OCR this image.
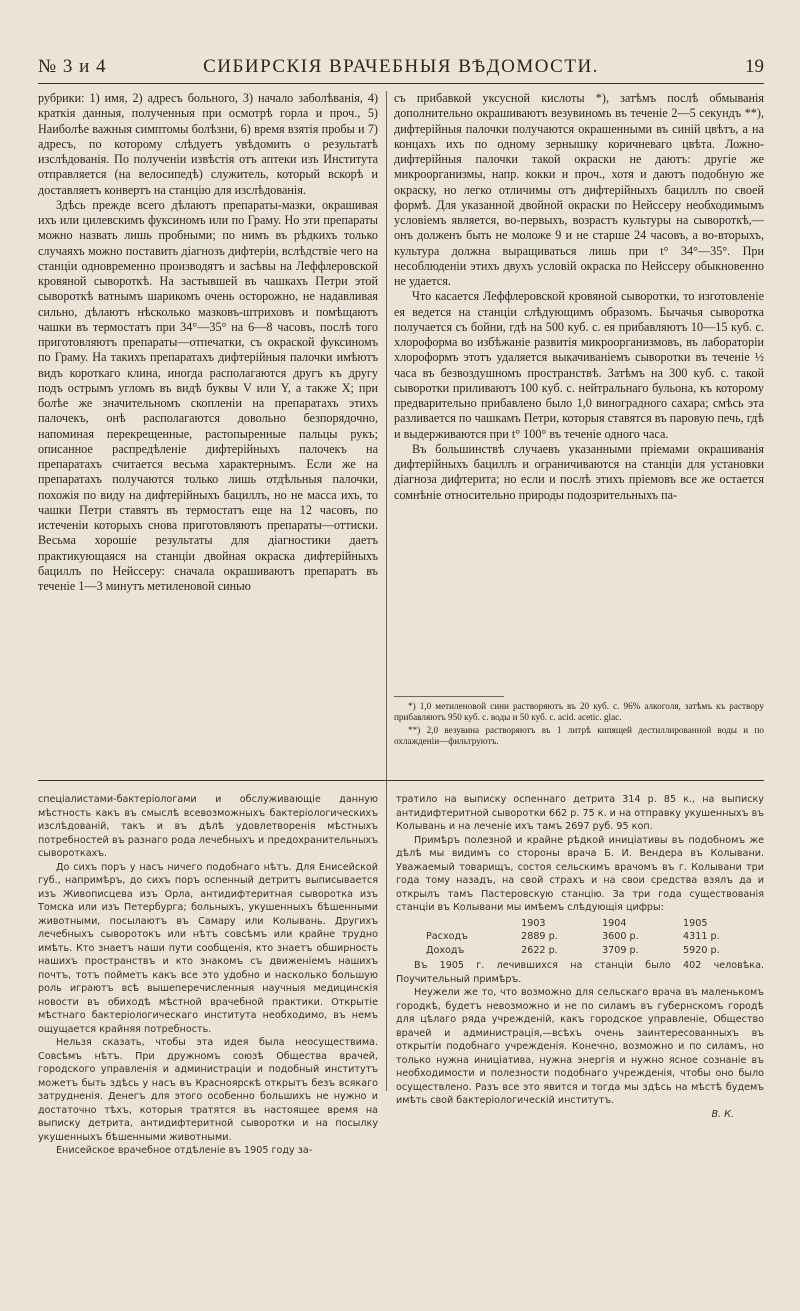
№ 3 и 4	СИБИРСКІЯ ВРАЧЕБНЫЯ ВѢДОМОСТИ.	19

рубрики: 1) имя, 2) адресъ больного, 3) начало заболѣванія, 4) краткія данныя, полученныя при осмотрѣ горла и проч., 5) Наиболѣе важныя симптомы болѣзни, 6) время взятія пробы и 7) адресъ, по которому слѣдуетъ увѣдомить о результатѣ изслѣдованія. По полученіи извѣстія отъ аптеки изъ Института отправляется (на велосипедѣ) служитель, который вскорѣ и доставляетъ конвертъ на станцію для изслѣдованія.

Здѣсь прежде всего дѣлаютъ препараты-мазки, окрашивая ихъ или цилевскимъ фуксиномъ или по Граму. Но эти препараты можно назвать лишь пробными; по нимъ въ рѣдкихъ только случаяхъ можно поставить діагнозъ дифтеріи, вслѣдствіе чего на станціи одновременно производятъ и засѣвы на Леффлеровской кровяной сывороткѣ. На застывшей въ чашкахъ Петри этой сывороткѣ ватнымъ шарикомъ очень осторожно, не надавливая сильно, дѣлаютъ нѣсколько мазковъ-штриховъ и помѣщаютъ чашки въ термостатъ при 34°—35° на 6—8 часовъ, послѣ того приготовляютъ препараты—отпечатки, съ окраской фуксиномъ по Граму. На такихъ препаратахъ дифтерійныя палочки имѣютъ видъ короткаго клина, иногда располагаются другъ къ другу подъ острымъ угломъ въ видѣ буквы V или Y, а также X; при болѣе же значительномъ скопленіи на препаратахъ этихъ палочекъ, онѣ располагаются довольно безпорядочно, напоминая перекрещенные, растопыренные пальцы рукъ; описанное распредѣленіе дифтерійныхъ палочекъ на препаратахъ считается весьма характернымъ. Если же на препаратахъ получаются только лишь отдѣльныя палочки, похожія по виду на дифтерійныхъ бациллъ, но не масса ихъ, то чашки Петри ставятъ въ термостатъ еще на 12 часовъ, по истеченіи которыхъ снова приготовляютъ препараты—оттиски. Весьма хорошіе результаты для діагностики даетъ практикующаяся на станціи двойная окраска дифтерійныхъ бациллъ по Нейссеру: сначала окрашиваютъ препаратъ въ теченіе 1—3 минутъ метиленовой синью

съ прибавкой уксусной кислоты *), затѣмъ послѣ обмыванія дополнительно окрашиваютъ везувиномъ въ теченіе 2—5 секундъ **), дифтерійныя палочки получаются окрашенными въ синій цвѣтъ, а на концахъ ихъ по одному зернышку коричневаго цвѣта. Ложно-дифтерійныя палочки такой окраски не даютъ: другіе же микроорганизмы, напр. кокки и проч., хотя и даютъ подобную же окраску, но легко отличимы отъ дифтерійныхъ бациллъ по своей формѣ. Для указанной двойной окраски по Нейссеру необходимымъ условіемъ является, во-первыхъ, возрастъ культуры на сывороткѣ,—онъ долженъ быть не моложе 9 и не старше 24 часовъ, а во-вторыхъ, культура должна выращиваться лишь при t° 34°—35°. При несоблюденіи этихъ двухъ условій окраска по Нейссеру обыкновенно не удается.

Что касается Леффлеровской кровяной сыворотки, то изготовленіе ея ведется на станціи слѣдующимъ образомъ. Бычачья сыворотка получается съ бойни, гдѣ на 500 куб. с. ея прибавляютъ 10—15 куб. с. хлороформа во избѣжаніе развитія микроорганизмовъ, въ лабораторіи хлороформъ этотъ удаляется выкачиваніемъ сыворотки въ теченіе ½ часа въ безвоздушномъ пространствѣ. Затѣмъ на 300 куб. с. такой сыворотки приливаютъ 100 куб. с. нейтральнаго бульона, къ которому предварительно прибавлено было 1,0 виноградного сахара; смѣсь эта разливается по чашкамъ Петри, которыя ставятся въ паровую печь, гдѣ и выдерживаются при t° 100° въ теченіе одного часа.

Въ большинствѣ случаевъ указанными пріемами окрашиванія дифтерійныхъ бациллъ и ограничиваются на станціи для установки діагноза дифтерита; но если и послѣ этихъ пріемовъ все же остается сомнѣніе относительно природы подозрительныхъ па-

*) 1,0 метиленовой сини растворяютъ въ 20 куб. с. 96% алкоголя, затѣмъ къ раствору прибавляютъ 950 куб. с. воды и 50 куб. с. acid. acetic. glac.

**) 2,0 везувина растворяютъ въ 1 литрѣ кипящей дестиллированной воды и по охлажденіи—фильтруютъ.

спеціалистами-бактеріологами и обслуживающіе данную мѣстность какъ въ смыслѣ всевозможныхъ бактеріологическихъ изслѣдованій, такъ и въ дѣлѣ удовлетворенія мѣстныхъ потребностей въ разнаго рода лечебныхъ и предохранительныхъ сывороткахъ.

До сихъ поръ у насъ ничего подобнаго нѣтъ. Для Енисейской губ., напримѣръ, до сихъ поръ оспенный детритъ выписывается изъ Живописцева изъ Орла, антидифтеритная сыворотка изъ Томска или изъ Петербурга; больныхъ, укушенныхъ бѣшенными животными, посылаютъ въ Самару или Колывань. Другихъ лечебныхъ сыворотокъ или нѣтъ совсѣмъ или крайне трудно имѣть. Кто знаетъ наши пути сообщенія, кто знаетъ обширность нашихъ пространствъ и кто знакомъ съ движеніемъ нашихъ почтъ, тотъ пойметъ какъ все это удобно и насколько большую роль играютъ всѣ вышеперечисленныя научныя медицинскія новости въ обиходѣ мѣстной врачебной практики. Открытіе мѣстнаго бактеріологическаго института необходимо, въ немъ ощущается крайняя потребность.

Нельзя сказать, чтобы эта идея была неосуществима. Совсѣмъ нѣтъ. При дружномъ союзѣ Общества врачей, городского управленія и администраціи и подобный институтъ можетъ быть здѣсь у насъ въ Красноярскѣ открытъ безъ всякаго затрудненія. Денегъ для этого особенно большихъ не нужно и достаточно тѣхъ, которыя тратятся въ настоящее время на выписку детрита, антидифтеритной сыворотки и на посылку укушенныхъ бѣшенными животными.

Енисейское врачебное отдѣленіе въ 1905 году за-

тратило на выписку оспеннаго детрита 314 р. 85 к., на выписку антидифтеритной сыворотки 662 р. 75 к. и на отправку укушенныхъ въ Колывань и на леченіе ихъ тамъ 2697 руб. 95 коп.

Примѣръ полезной и крайне рѣдкой иниціативы въ подобномъ же дѣлѣ мы видимъ со стороны врача Б. И. Вендера въ Колывани. Уважаемый товарищъ, состоя сельскимъ врачомъ въ г. Колывани три года тому назадъ, на свой страхъ и на свои средства взялъ да и открылъ тамъ Пастеровскую станцію. За три года существованія станціи въ Колывани мы имѣемъ слѣдующія цифры:

	1903	1904	1905
Расходъ	2889 р.	3600 р.	4311 р.
Доходъ	2622 р.	3709 р.	5920 р.

Въ 1905 г. лечившихся на станціи было 402 человѣка. Поучительный примѣръ.

Неужели же то, что возможно для сельскаго врача въ маленькомъ городкѣ, будетъ невозможно и не по силамъ въ губернскомъ городѣ для цѣлаго ряда учрежденій, какъ городское управленіе, Общество врачей и администрація,—всѣхъ очень заинтересованныхъ въ открытіи подобнаго учрежденія. Конечно, возможно и по силамъ, но только нужна иниціатива, нужна энергія и нужно ясное сознаніе въ необходимости и полезности подобнаго учрежденія, чтобы оно было осуществлено. Разъ все это явится и тогда мы здѣсь на мѣстѣ будемъ имѣть свой бактеріологическій институтъ.

В. К.
